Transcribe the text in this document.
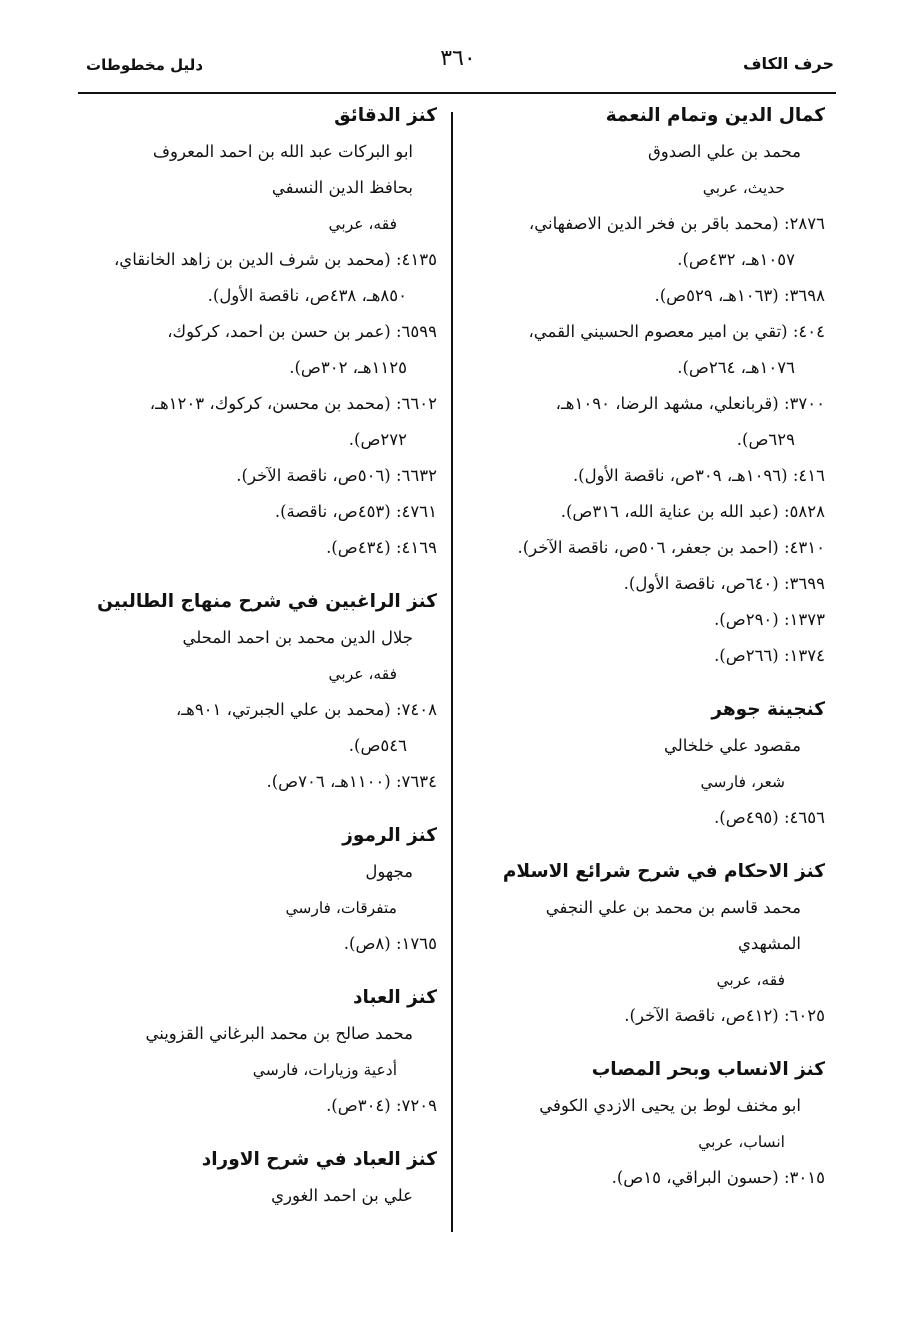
حرف الكاف
٣٦٠
دليل مخطوطات
كمال الدين وتمام النعمة
محمد بن علي الصدوق
حديث، عربي
٢٨٧٦: (محمد باقر بن فخر الدين الاصفهاني،
١٠٥٧هـ، ٤٣٢ص).
٣٦٩٨: (١٠٦٣هـ، ٥٢٩ص).
٤٠٤: (تقي بن امير معصوم الحسيني القمي،
١٠٧٦هـ، ٢٦٤ص).
٣٧٠٠: (قربانعلي، مشهد الرضا، ١٠٩٠هـ،
٦٢٩ص).
٤١٦: (١٠٩٦هـ، ٣٠٩ص، ناقصة الأول).
٥٨٢٨: (عبد الله بن عناية الله، ٣١٦ص).
٤٣١٠: (احمد بن جعفر، ٥٠٦ص، ناقصة الآخر).
٣٦٩٩: (٦٤٠ص، ناقصة الأول).
١٣٧٣: (٢٩٠ص).
١٣٧٤: (٢٦٦ص).
كنجينة جوهر
مقصود علي خلخالي
شعر، فارسي
٤٦٥٦: (٤٩٥ص).
كنز الاحكام في شرح شرائع الاسلام
محمد قاسم بن محمد بن علي النجفي
المشهدي
فقه، عربي
٦٠٢٥: (٤١٢ص، ناقصة الآخر).
كنز الانساب وبحر المصاب
ابو مخنف لوط بن يحيى الازدي الكوفي
انساب، عربي
٣٠١٥: (حسون البراقي، ١٥ص).
كنز الدقائق
ابو البركات عبد الله بن احمد المعروف
بحافظ الدين النسفي
فقه، عربي
٤١٣٥: (محمد بن شرف الدين بن زاهد الخانقاي،
٨٥٠هـ، ٤٣٨ص، ناقصة الأول).
٦٥٩٩: (عمر بن حسن بن احمد، كركوك،
١١٢٥هـ، ٣٠٢ص).
٦٦٠٢: (محمد بن محسن، كركوك، ١٢٠٣هـ،
٢٧٢ص).
٦٦٣٢: (٥٠٦ص، ناقصة الآخر).
٤٧٦١: (٤٥٣ص، ناقصة).
٤١٦٩: (٤٣٤ص).
كنز الراغبين في شرح منهاج الطالبين
جلال الدين محمد بن احمد المحلي
فقه، عربي
٧٤٠٨: (محمد بن علي الجبرتي، ٩٠١هـ،
٥٤٦ص).
٧٦٣٤: (١١٠٠هـ، ٧٠٦ص).
كنز الرموز
مجهول
متفرقات، فارسي
١٧٦٥: (٨ص).
كنز العباد
محمد صالح بن محمد البرغاني القزويني
أدعية وزيارات، فارسي
٧٢٠٩: (٣٠٤ص).
كنز العباد في شرح الاوراد
علي بن احمد الغوري
